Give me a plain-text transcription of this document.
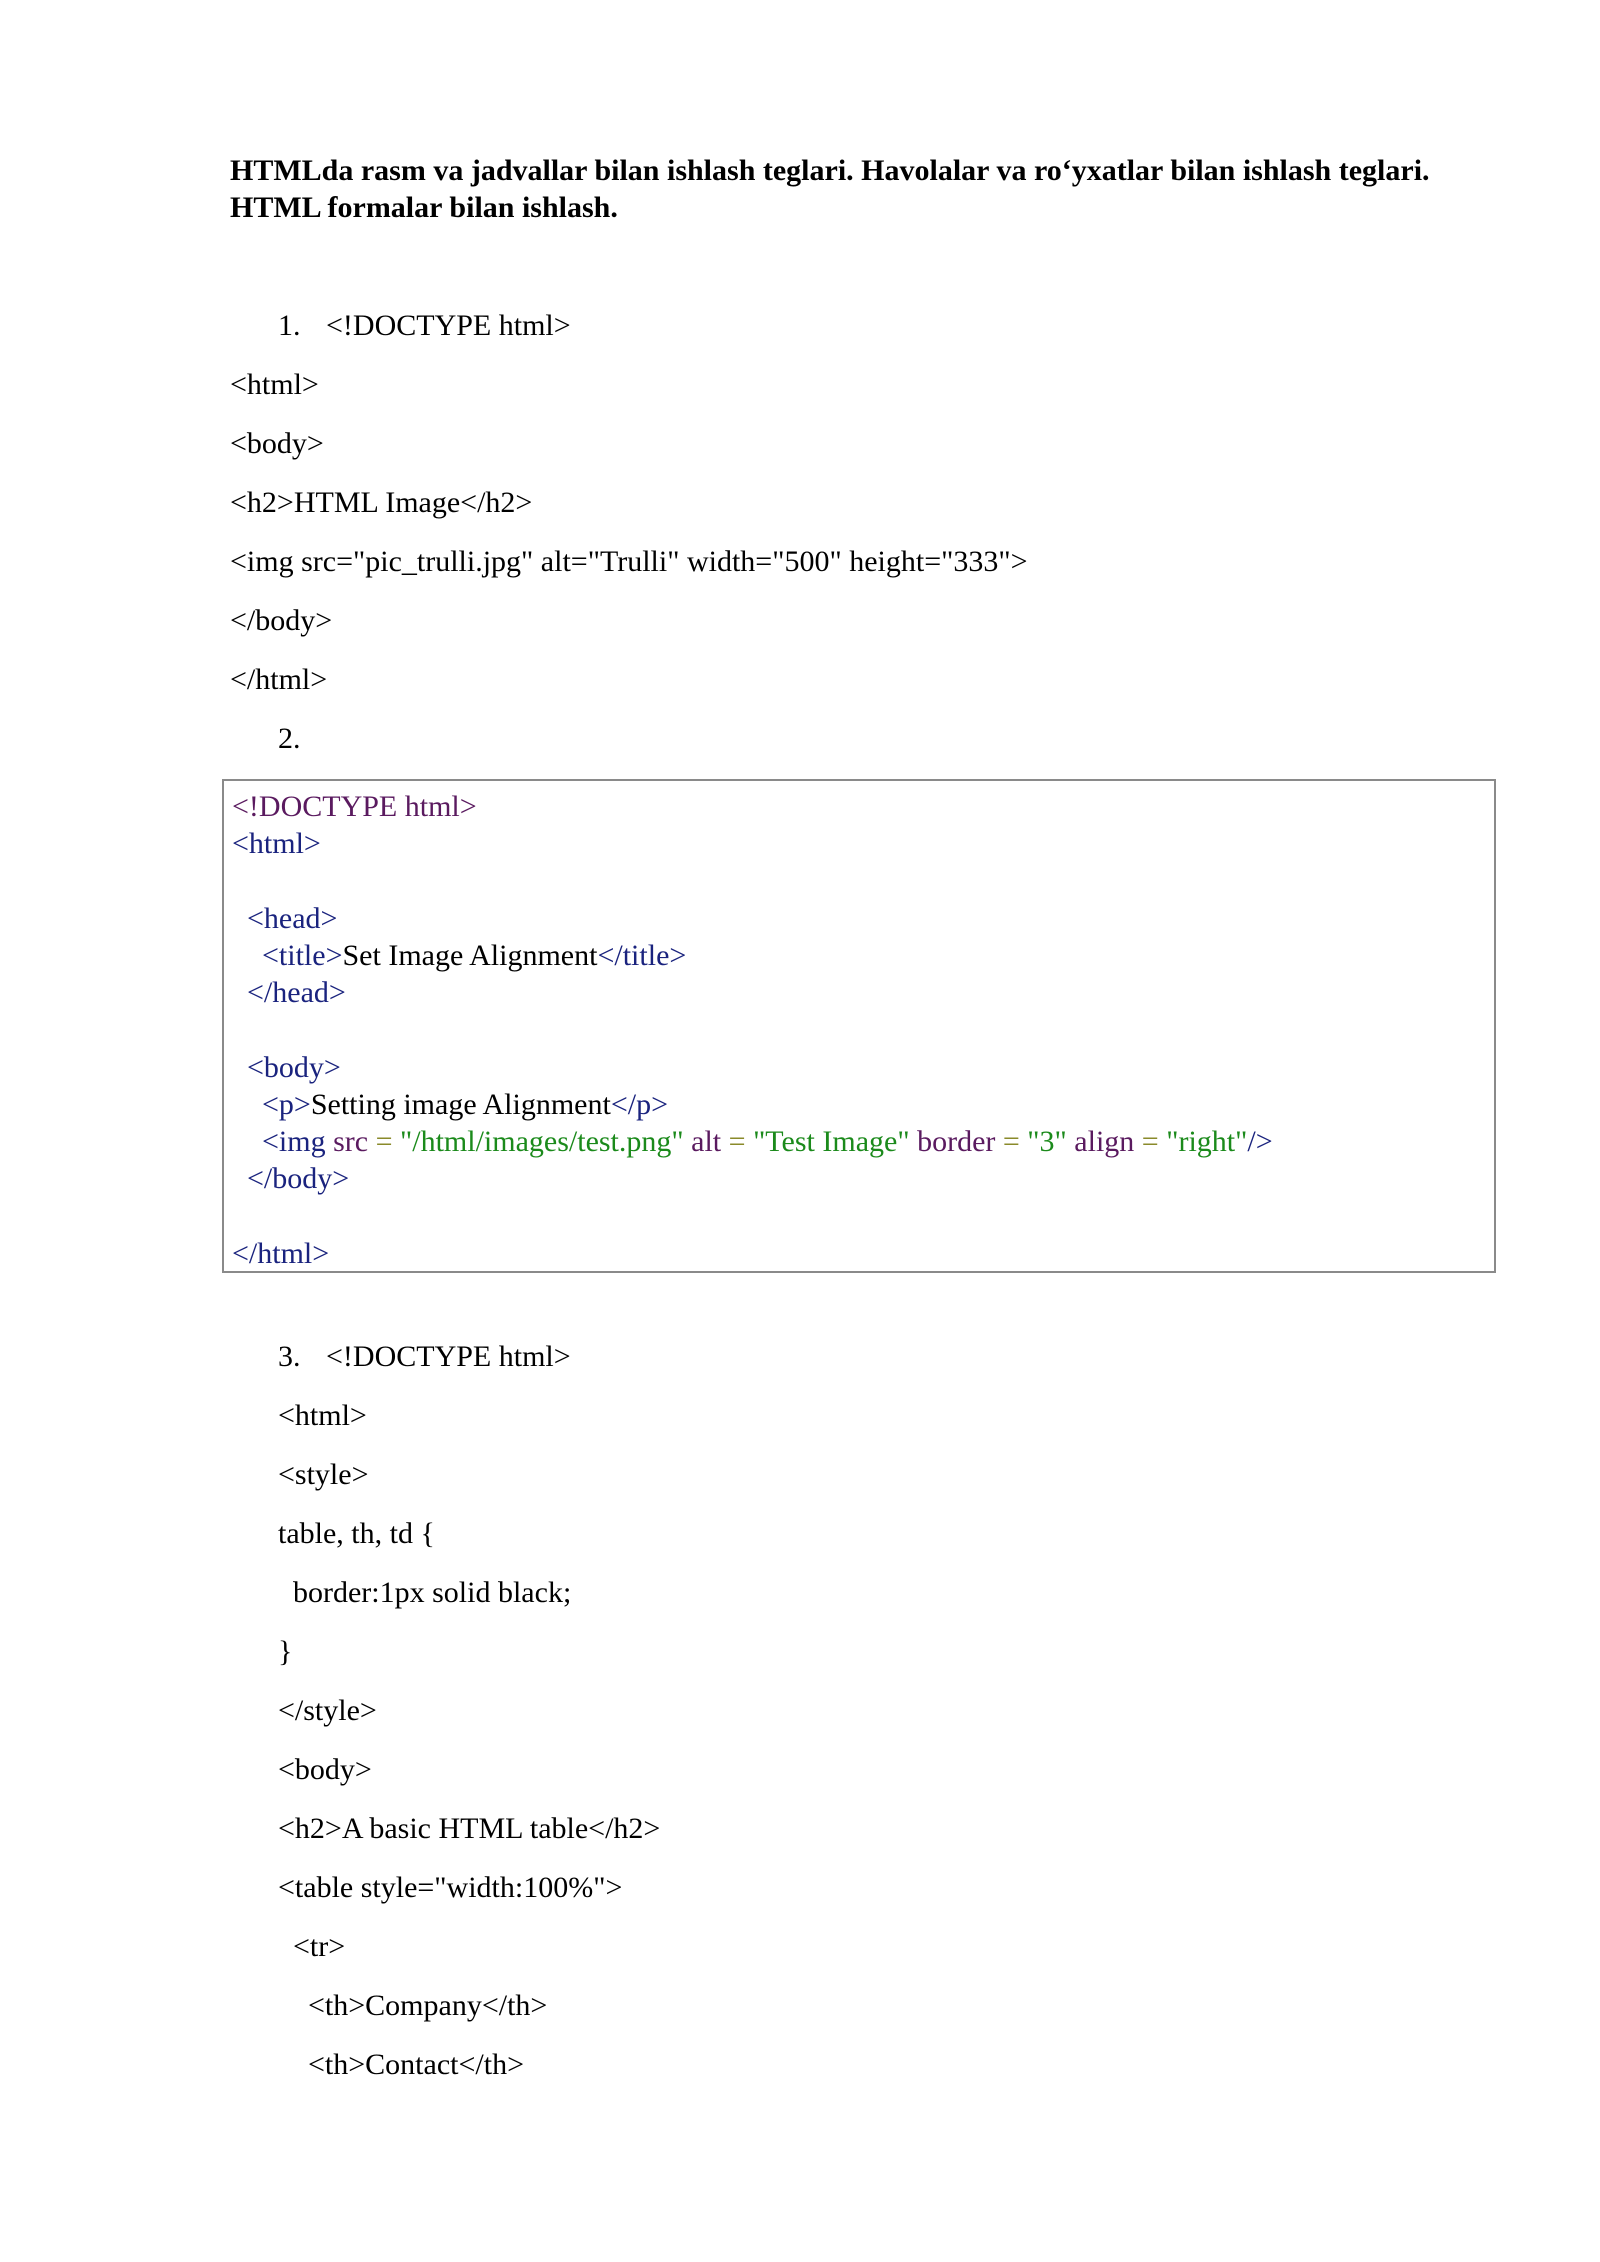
HTMLda rasm va jadvallar bilan ishlash teglari. Havolalar va ro‘yxatlar bilan ishlash teglari. HTML formalar bilan ishlash.
1. <!DOCTYPE html>
<html>
<body>
<h2>HTML Image</h2>
<img src="pic_trulli.jpg" alt="Trulli" width="500" height="333">
</body>
</html>
2.
<!DOCTYPE html>
<html>
<head>
<title>Set Image Alignment</title>
</head>
<body>
<p>Setting image Alignment</p>
<img src = "/html/images/test.png" alt = "Test Image" border = "3" align = "right"/>
</body>
</html>
3. <!DOCTYPE html>
<html>
<style>
table, th, td {
border:1px solid black;
}
</style>
<body>
<h2>A basic HTML table</h2>
<table style="width:100%">
<tr>
<th>Company</th>
<th>Contact</th>
